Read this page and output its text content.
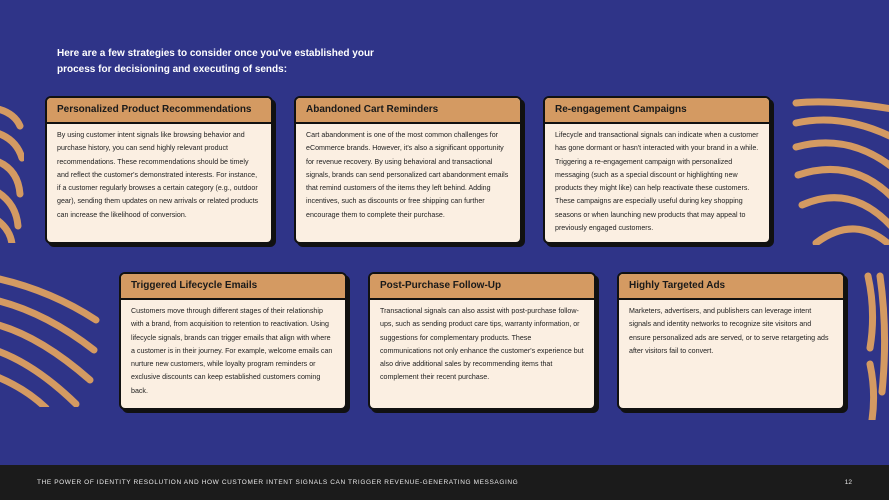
Here are a few strategies to consider once you've established your process for decisioning and executing of sends:
Personalized Product Recommendations
By using customer intent signals like browsing behavior and purchase history, you can send highly relevant product recommendations. These recommendations should be timely and reflect the customer's demonstrated interests. For instance, if a customer regularly browses a certain category (e.g., outdoor gear), sending them updates on new arrivals or related products can increase the likelihood of conversion.
Abandoned Cart Reminders
Cart abandonment is one of the most common challenges for eCommerce brands. However, it's also a significant opportunity for revenue recovery. By using behavioral and transactional signals, brands can send personalized cart abandonment emails that remind customers of the items they left behind. Adding incentives, such as discounts or free shipping can further encourage them to complete their purchase.
Re-engagement Campaigns
Lifecycle and transactional signals can indicate when a customer has gone dormant or hasn't interacted with your brand in a while. Triggering a re-engagement campaign with personalized messaging (such as a special discount or highlighting new products they might like) can help reactivate these customers. These campaigns are especially useful during key shopping seasons or when launching new products that may appeal to previously engaged customers.
Triggered Lifecycle Emails
Customers move through different stages of their relationship with a brand, from acquisition to retention to reactivation. Using lifecycle signals, brands can trigger emails that align with where a customer is in their journey. For example, welcome emails can nurture new customers, while loyalty program reminders or exclusive discounts can keep established customers coming back.
Post-Purchase Follow-Up
Transactional signals can also assist with post-purchase follow-ups, such as sending product care tips, warranty information, or suggestions for complementary products. These communications not only enhance the customer's experience but also drive additional sales by recommending items that complement their recent purchase.
Highly Targeted Ads
Marketers, advertisers, and publishers can leverage intent signals and identity networks to recognize site visitors and ensure personalized ads are served, or to serve retargeting ads after visitors fail to convert.
THE POWER OF IDENTITY RESOLUTION AND HOW CUSTOMER INTENT SIGNALS CAN TRIGGER REVENUE-GENERATING MESSAGING	12
